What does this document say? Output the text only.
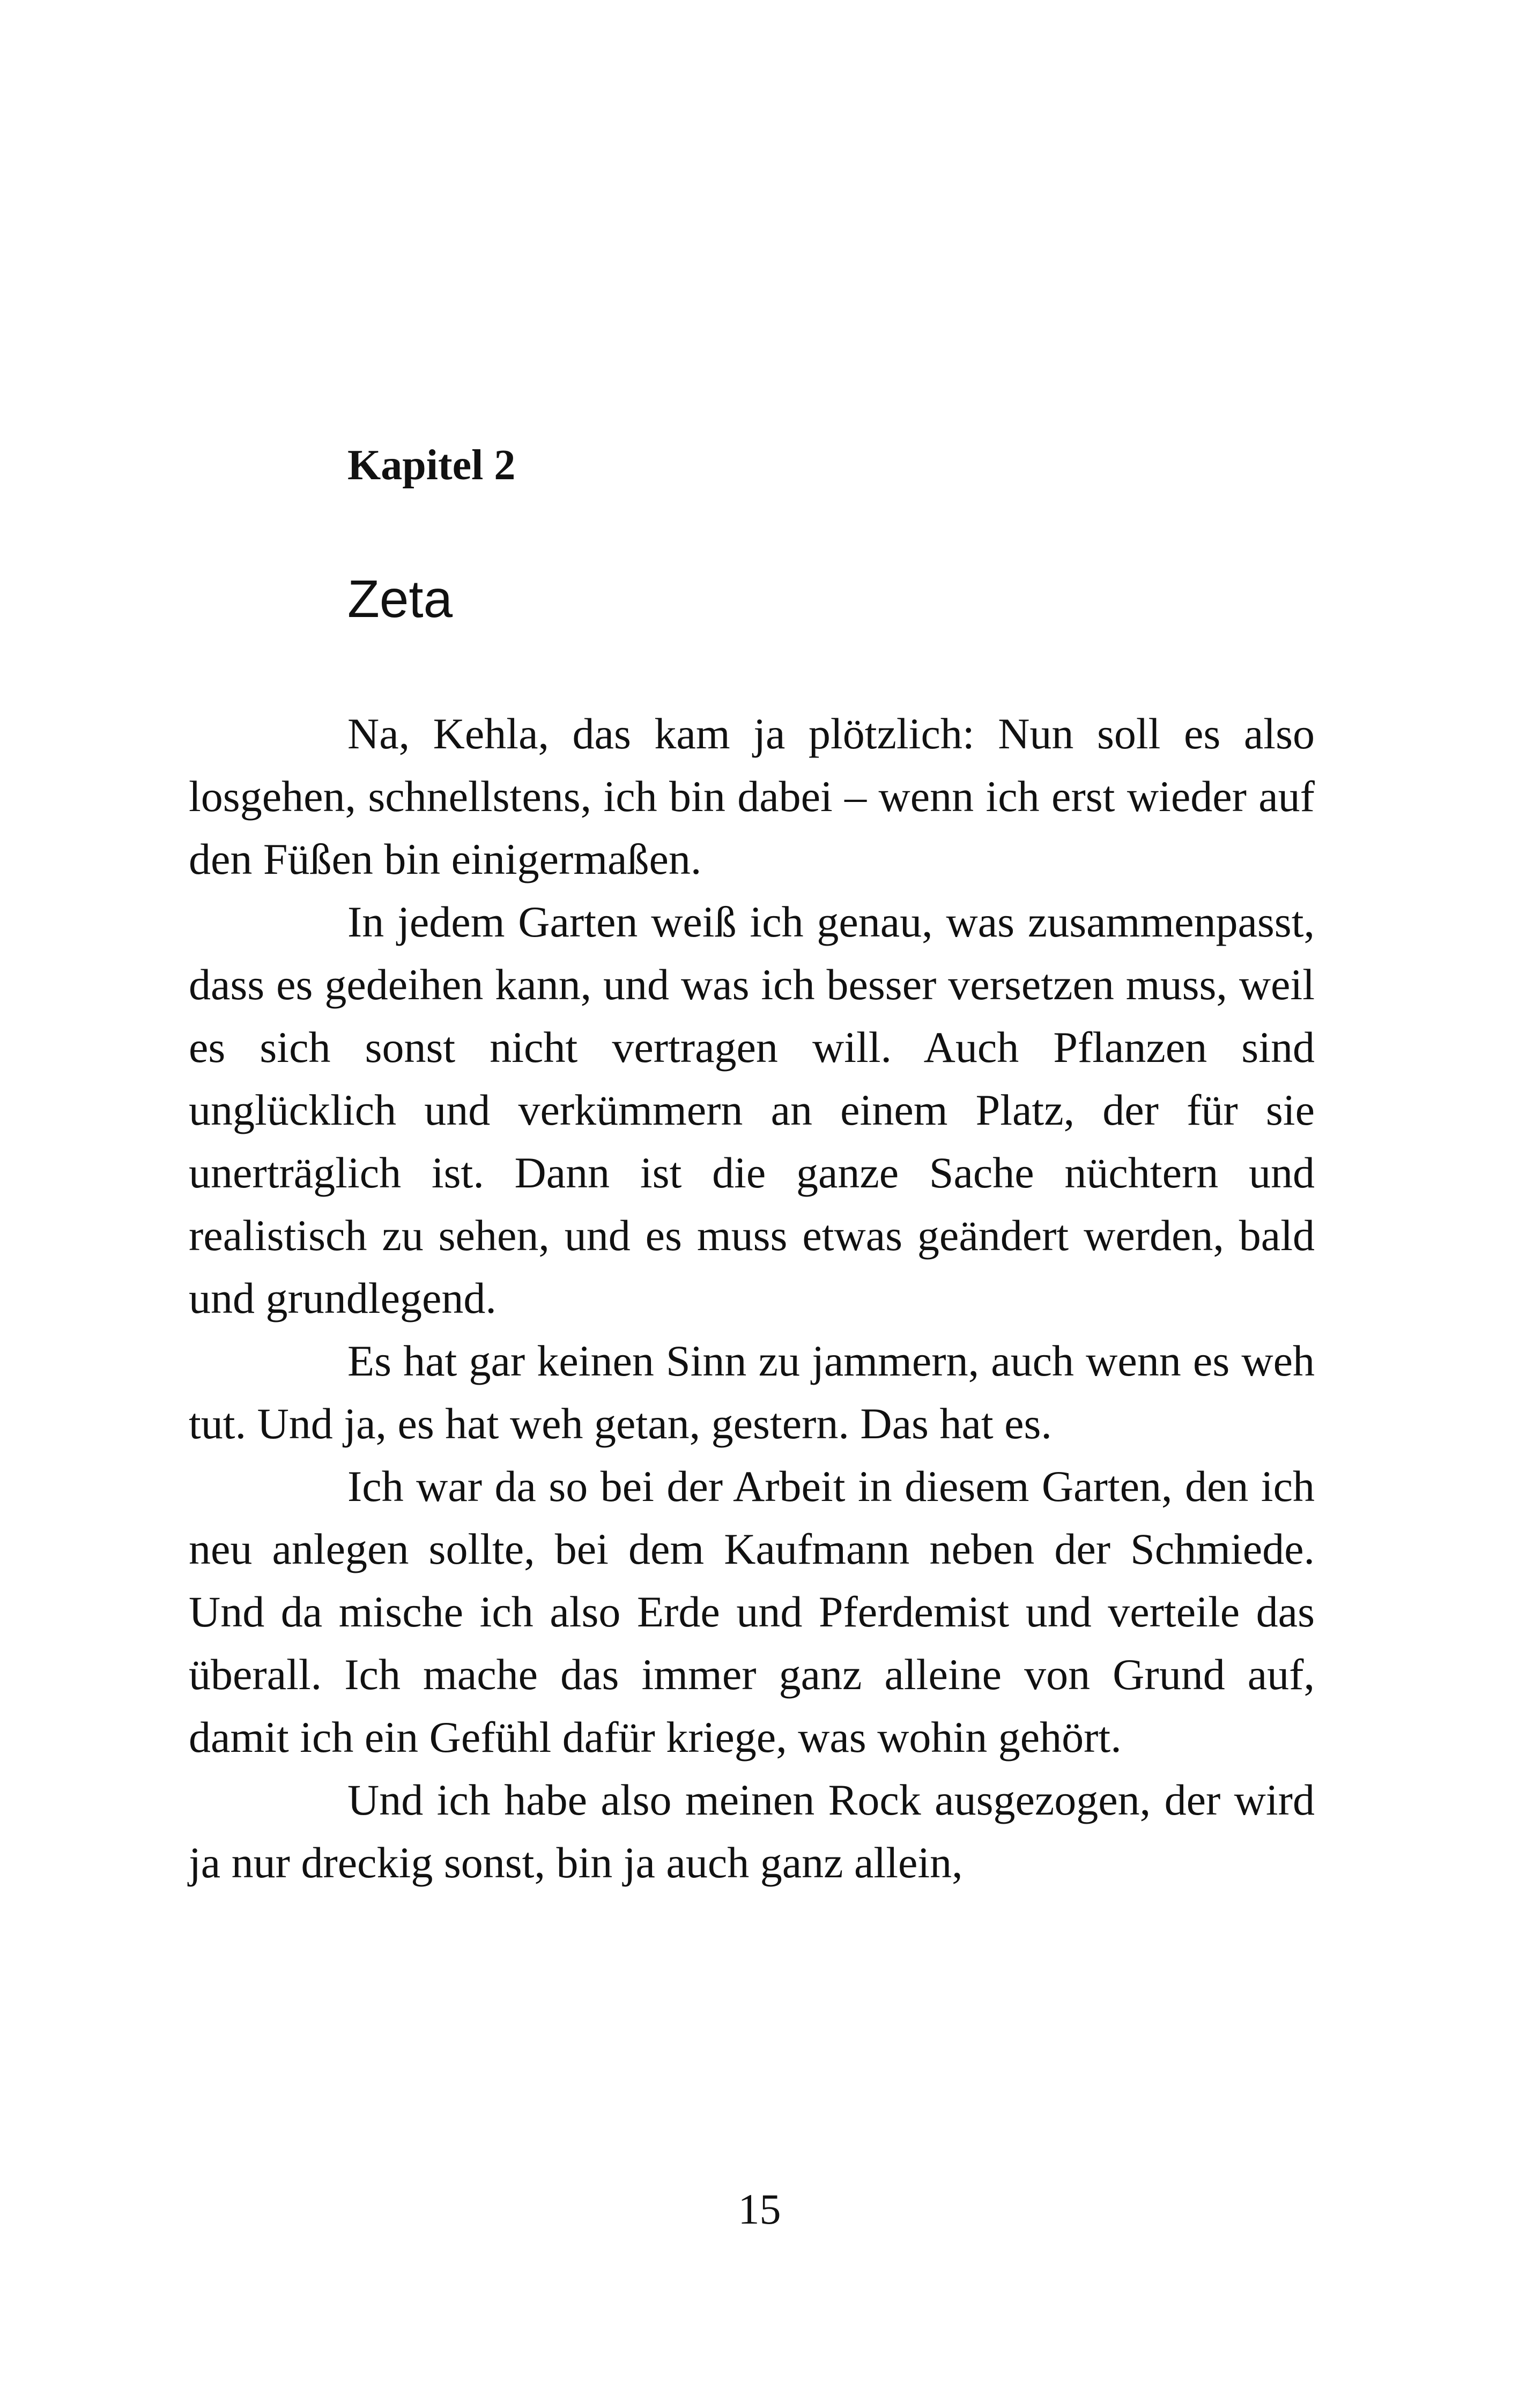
Kapitel 2
Zeta

Na, Kehla, das kam ja plötzlich: Nun soll es also losgehen, schnellstens, ich bin dabei – wenn ich erst wieder auf den Füßen bin einigermaßen.

In jedem Garten weiß ich genau, was zusammenpasst, dass es gedeihen kann, und was ich besser versetzen muss, weil es sich sonst nicht vertragen will. Auch Pflanzen sind unglücklich und verkümmern an einem Platz, der für sie unerträglich ist. Dann ist die ganze Sache nüchtern und realistisch zu sehen, und es muss etwas geändert werden, bald und grundlegend.

Es hat gar keinen Sinn zu jammern, auch wenn es weh tut. Und ja, es hat weh getan, gestern. Das hat es.

Ich war da so bei der Arbeit in diesem Garten, den ich neu anlegen sollte, bei dem Kaufmann neben der Schmiede. Und da mische ich also Erde und Pferdemist und verteile das überall. Ich mache das immer ganz alleine von Grund auf, damit ich ein Gefühl dafür kriege, was wohin gehört.

Und ich habe also meinen Rock ausgezogen, der wird ja nur dreckig sonst, bin ja auch ganz allein,

15
